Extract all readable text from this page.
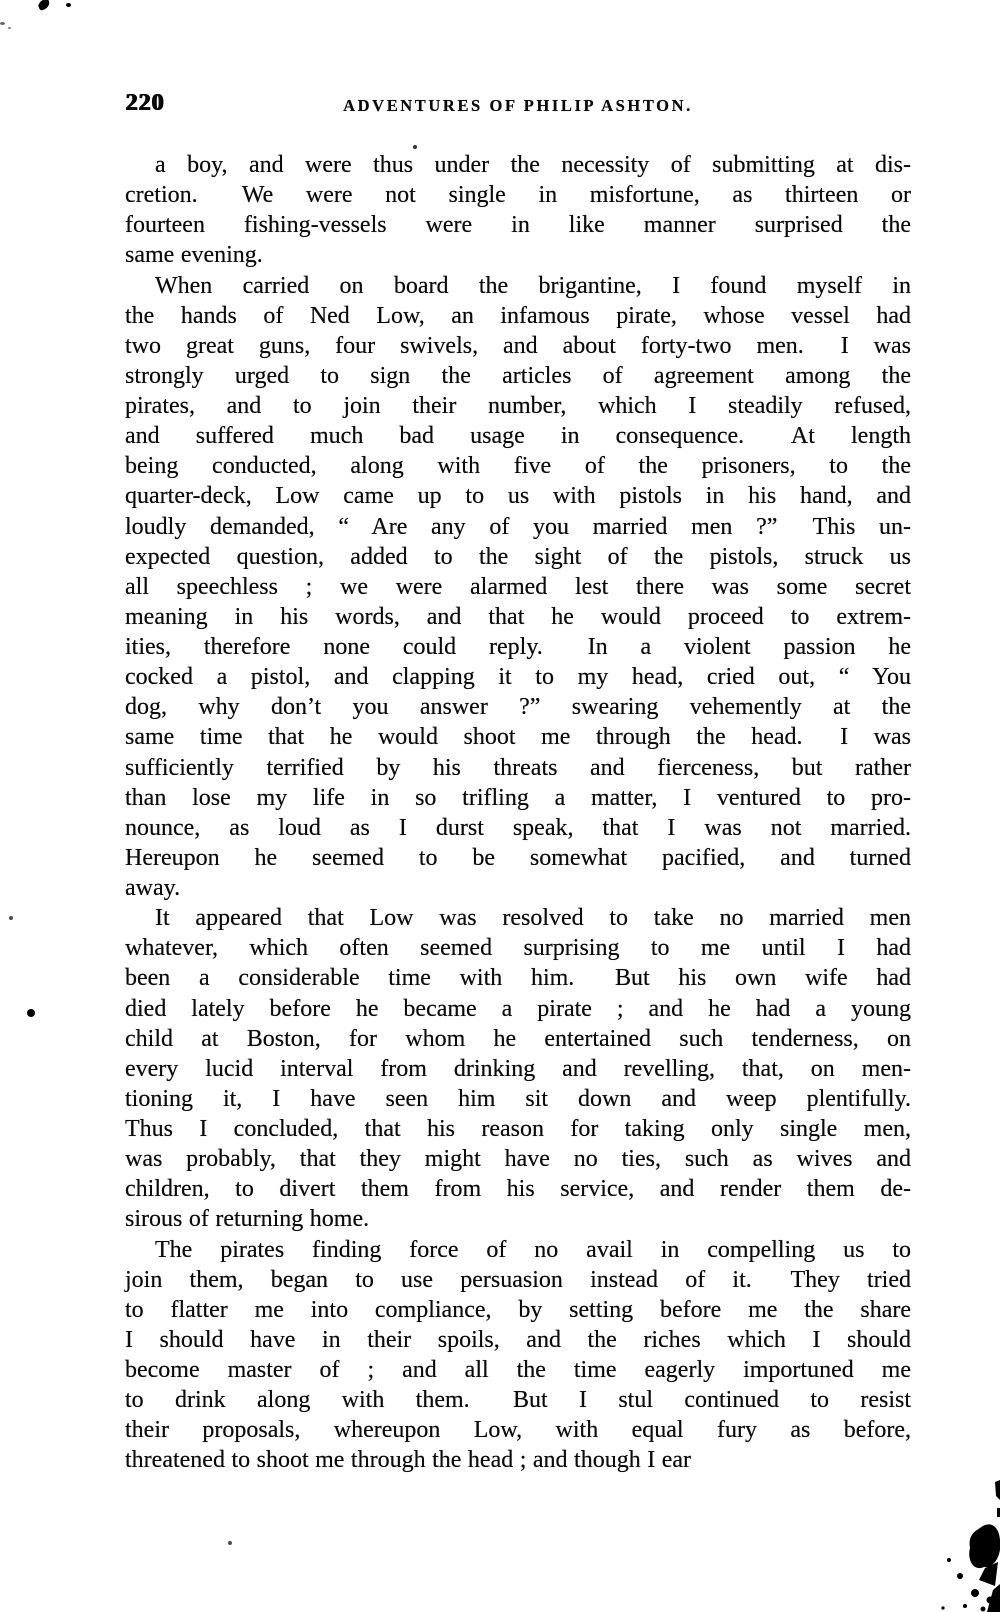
220	ADVENTURES OF PHILIP ASHTON.
a boy, and were thus under the necessity of submitting at dis-
cretion.  We were not single in misfortune, as thirteen or
fourteen fishing-vessels were in like manner surprised the
same evening.
When carried on board the brigantine, I found myself in
the hands of Ned Low, an infamous pirate, whose vessel had
two great guns, four swivels, and about forty-two men.  I was
strongly urged to sign the articles of agreement among the
pirates, and to join their number, which I steadily refused,
and suffered much bad usage in consequence.  At length
being conducted, along with five of the prisoners, to the
quarter-deck, Low came up to us with pistols in his hand, and
loudly demanded, “ Are any of you married men ?”  This un-
expected question, added to the sight of the pistols, struck us
all speechless ; we were alarmed lest there was some secret
meaning in his words, and that he would proceed to extrem-
ities, therefore none could reply.  In a violent passion he
cocked a pistol, and clapping it to my head, cried out, “ You
dog, why don’t you answer ?” swearing vehemently at the
same time that he would shoot me through the head.  I was
sufficiently terrified by his threats and fierceness, but rather
than lose my life in so trifling a matter, I ventured to pro-
nounce, as loud as I durst speak, that I was not married.
Hereupon he seemed to be somewhat pacified, and turned
away.
It appeared that Low was resolved to take no married men
whatever, which often seemed surprising to me until I had
been a considerable time with him.  But his own wife had
died lately before he became a pirate ; and he had a young
child at Boston, for whom he entertained such tenderness, on
every lucid interval from drinking and revelling, that, on men-
tioning it, I have seen him sit down and weep plentifully.
Thus I concluded, that his reason for taking only single men,
was probably, that they might have no ties, such as wives and
children, to divert them from his service, and render them de-
sirous of returning home.
The pirates finding force of no avail in compelling us to
join them, began to use persuasion instead of it.  They tried
to flatter me into compliance, by setting before me the share
I should have in their spoils, and the riches which I should
become master of ; and all the time eagerly importuned me
to drink along with them.  But I stul continued to resist
their proposals, whereupon Low, with equal fury as before,
threatened to shoot me through the head ; and though I ear
